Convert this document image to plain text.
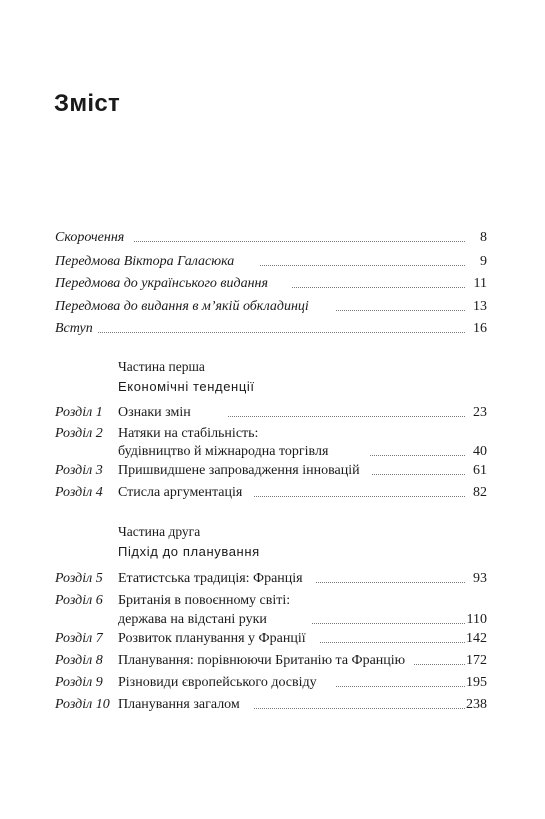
Зміст
Скорочення	8
Передмова Віктора Галасюка	9
Передмова до українського видання	11
Передмова до видання в м’якій обкладинці	13
Вступ	16
Частина перша
Економічні тенденції
Розділ 1 Ознаки змін	23
Розділ 2 Натяки на стабільність:
будівництво й міжнародна торгівля	40
Розділ 3 Пришвидшене запровадження інновацій	61
Розділ 4 Стисла аргументація	82
Частина друга
Підхід до планування
Розділ 5 Етатистська традиція: Франція	93
Розділ 6 Британія в повоєнному світі:
держава на відстані руки	110
Розділ 7 Розвиток планування у Франції	142
Розділ 8 Планування: порівнюючи Британію та Францію	172
Розділ 9 Різновиди європейського досвіду	195
Розділ 10 Планування загалом	238
